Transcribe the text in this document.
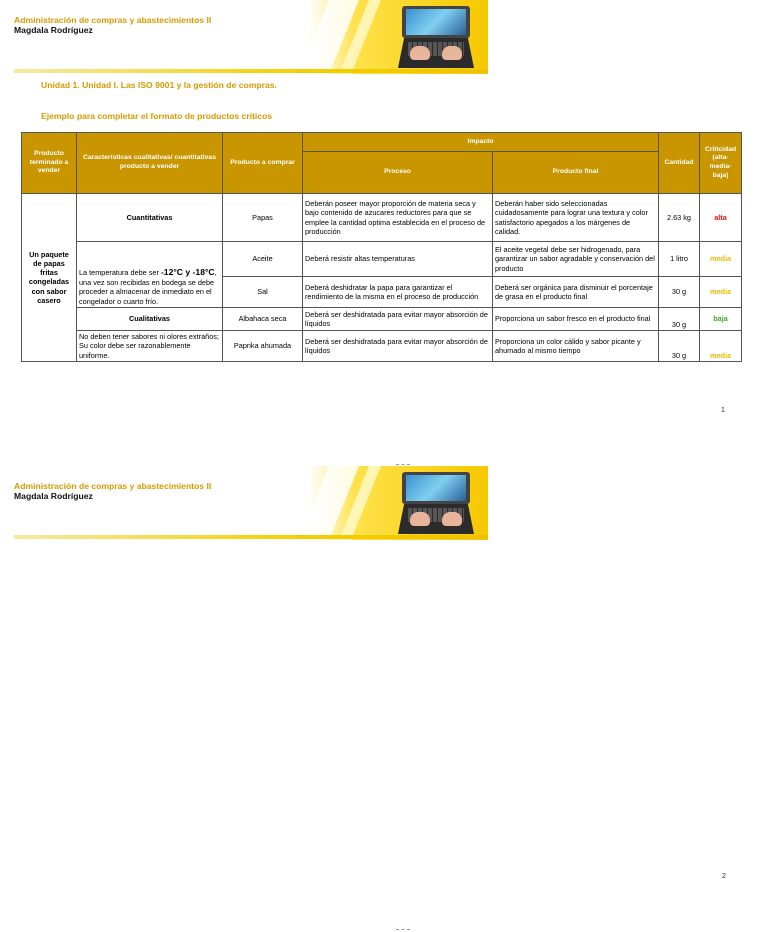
Administración de compras y abastecimientos II
Magdala Rodríguez
Unidad 1. Unidad I. Las ISO 9001 y la gestión de compras.
Ejemplo para completar el formato de productos críticos
Producto terminado a vender	Características cualitativas/ cuantitativas producto a vender	Producto a comprar	Impacto		Cantidad	Criticidad (alta-media-baja)
			Proceso	Producto final		
Un paquete de papas fritas congeladas con sabor casero	Cuantitativas	Papas	Deberán poseer mayor proporción de materia seca y bajo contenido de azucares reductores para que se emplee la cantidad optima establecida en el proceso de producción	Deberán haber sido seleccionadas cuidadosamente para lograr una textura y color satisfactorio apegados a los márgenes de calidad.	2.63 kg	alta
	La temperatura debe ser -12°C y -18°C, una vez son recibidas en bodega se debe proceder a almacenar de inmediato en el congelador o cuarto frío.	Aceite	Deberá resistir altas temperaturas	El aceite vegetal debe ser hidrogenado, para garantizar un sabor agradable y conservación del producto	1 litro	media
		Sal	Deberá deshidratar la papa para garantizar el rendimiento de la misma en el proceso de producción	Deberá ser orgánica para disminuir el porcentaje de grasa en el producto final	30 g	media
	Cualitativas	Albahaca seca	Deberá ser deshidratada para evitar mayor absorción de líquidos	Proporciona un sabor fresco en el producto final	30 g	baja
	No deben tener sabores ni olores extraños; Su color debe ser razonablemente uniforme.	Paprika ahumada	Deberá ser deshidratada para evitar mayor absorción de líquidos	Proporciona un color cálido y sabor picante y ahumado al mismo tiempo	30 g	media
1
Administración de compras y abastecimientos II
Magdala Rodríguez
2
